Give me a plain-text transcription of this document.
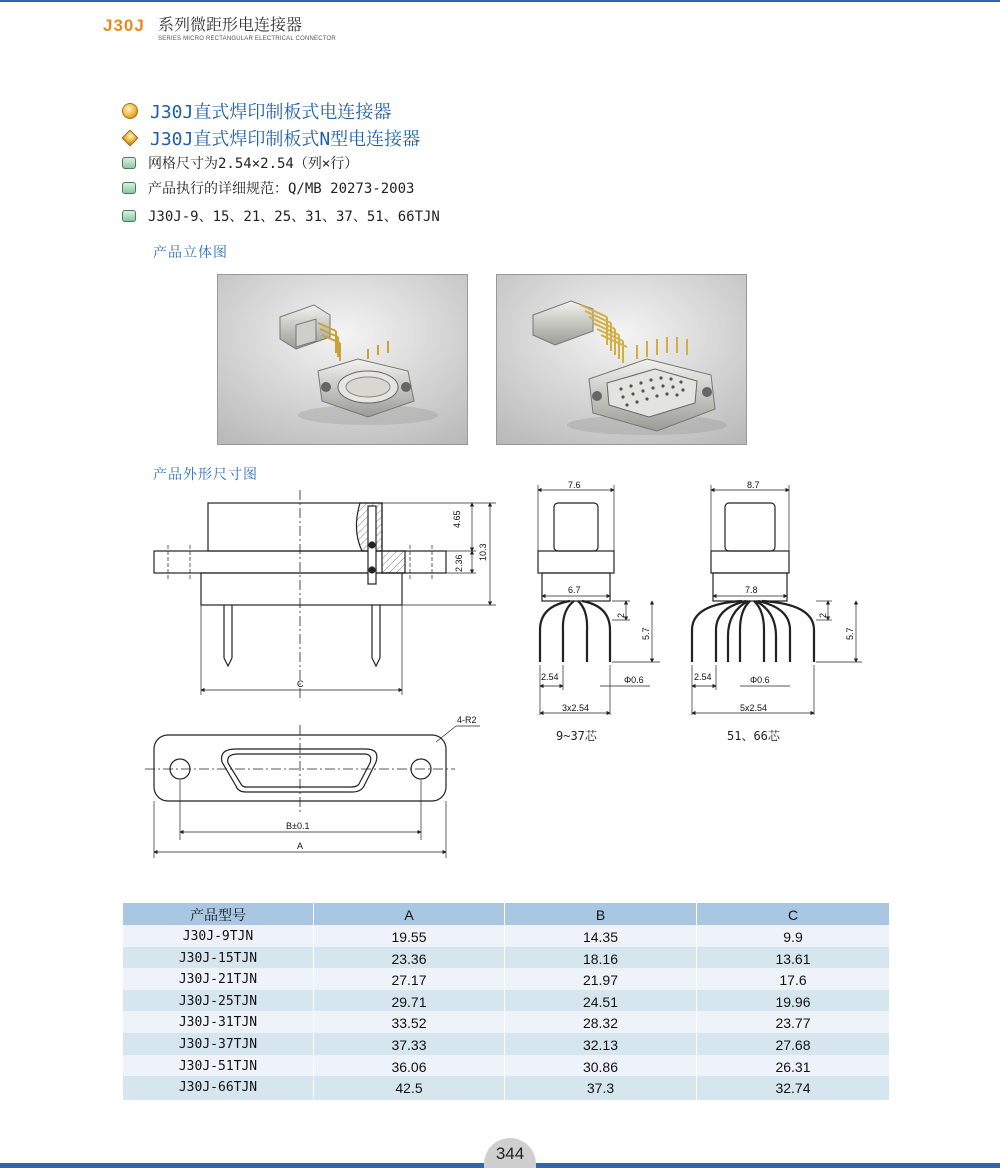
J30J 系列微距形电连接器
SERIES MICRO RECTANGULAR ELECTRICAL CONNECTOR
J30J直式焊印制板式电连接器
J30J直式焊印制板式N型电连接器
网格尺寸为2.54×2.54（列×行）
产品执行的详细规范：Q/MB 20273-2003
J30J-9、15、21、25、31、37、51、66TJN
产品立体图
产品外形尺寸图
4.65
2.36
10.3
C
4-R2
B±0.1
A
7.6
6.7
2
5.7
2.54	Φ0.6
3x2.54
8.7
7.8
2
5.7
2.54	Φ0.6
5x2.54
9~37芯	51、66芯
产品型号	A	B	C
J30J-9TJN	19.55	14.35	9.9
J30J-15TJN	23.36	18.16	13.61
J30J-21TJN	27.17	21.97	17.6
J30J-25TJN	29.71	24.51	19.96
J30J-31TJN	33.52	28.32	23.77
J30J-37TJN	37.33	32.13	27.68
J30J-51TJN	36.06	30.86	26.31
J30J-66TJN	42.5	37.3	32.74
344
